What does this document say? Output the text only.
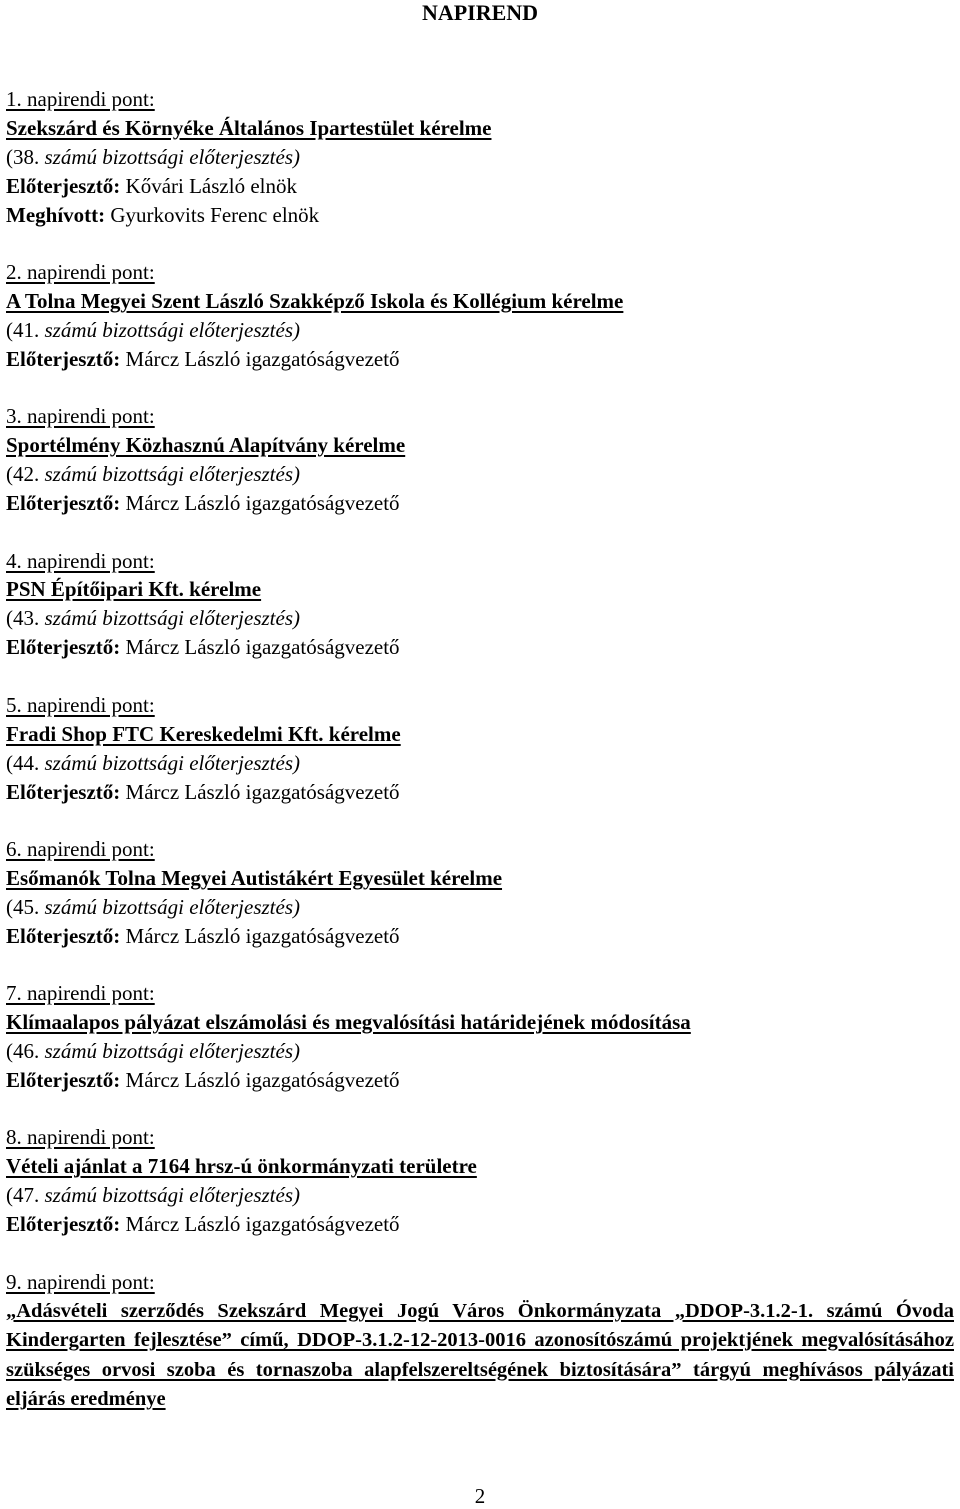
NAPIREND
1. napirendi pont:
Szekszárd és Környéke Általános Ipartestület kérelme
(38. számú bizottsági előterjesztés)
Előterjesztő: Kővári László elnök
Meghívott: Gyurkovits Ferenc elnök
2. napirendi pont:
A Tolna Megyei Szent László Szakképző Iskola és Kollégium kérelme
(41. számú bizottsági előterjesztés)
Előterjesztő: Márcz László igazgatóságvezető
3. napirendi pont:
Sportélmény Közhasznú Alapítvány kérelme
(42. számú bizottsági előterjesztés)
Előterjesztő: Márcz László igazgatóságvezető
4. napirendi pont:
PSN Építőipari Kft. kérelme
(43. számú bizottsági előterjesztés)
Előterjesztő: Márcz László igazgatóságvezető
5. napirendi pont:
Fradi Shop FTC Kereskedelmi Kft. kérelme
(44. számú bizottsági előterjesztés)
Előterjesztő: Márcz László igazgatóságvezető
6. napirendi pont:
Esőmanók Tolna Megyei Autistákért Egyesület kérelme
(45. számú bizottsági előterjesztés)
Előterjesztő: Márcz László igazgatóságvezető
7. napirendi pont:
Klímaalapos pályázat elszámolási és megvalósítási határidejének módosítása
(46. számú bizottsági előterjesztés)
Előterjesztő: Márcz László igazgatóságvezető
8. napirendi pont:
Vételi ajánlat a 7164 hrsz-ú önkormányzati területre
(47. számú bizottsági előterjesztés)
Előterjesztő: Márcz László igazgatóságvezető
9. napirendi pont:
„Adásvételi szerződés Szekszárd Megyei Jogú Város Önkormányzata „DDOP-3.1.2-1. számú Óvoda Kindergarten fejlesztése” című, DDOP-3.1.2-12-2013-0016 azonosítószámú projektjének megvalósításához szükséges orvosi szoba és tornaszoba alapfelszereltségének biztosítására” tárgyú meghívásos pályázati eljárás eredménye
2
